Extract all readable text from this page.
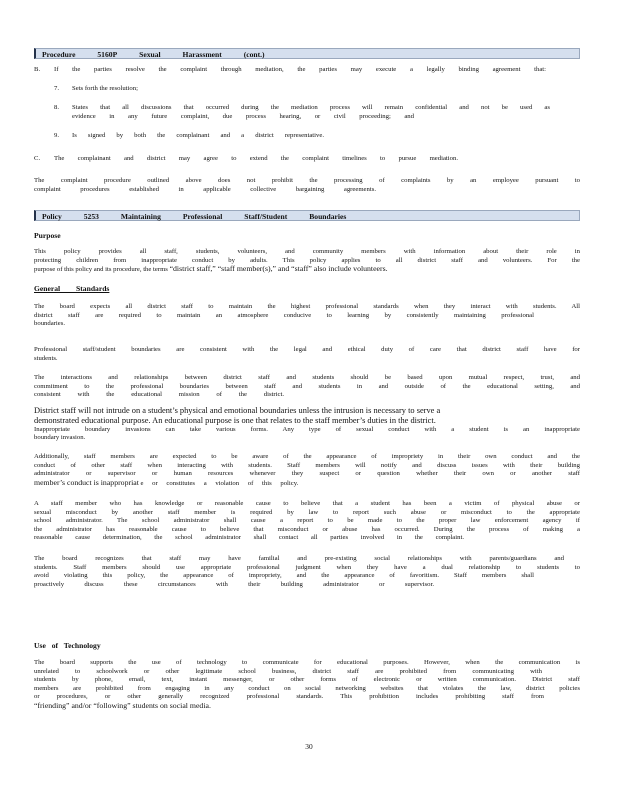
Procedure	5160P	Sexual	Harassment	(cont.)
B. If the parties resolve the complaint through mediation, the parties may execute a legally binding agreement that:
7. Sets forth the resolution;
8. States that all discussions that occurred during the mediation process will remain confidential and not be used as
evidence in any future complaint, due process hearing, or civil proceeding; and
9. Is signed by both the complainant and a district representative.
C. The complainant and district may agree to extend the complaint timelines to pursue mediation.
The complaint procedure outlined above does not prohibit the processing of complaints by an employee pursuant to
complaint procedures established in applicable collective bargaining agreements.
Policy	5253	Maintaining	Professional	Staff/Student	Boundaries
Purpose
This policy provides all staff, students, volunteers, and community members with information about their role in
protecting children from inappropriate conduct by adults. This policy applies to all district staff and volunteers. For the
purpose of this policy and its procedure, the terms “district staff,” “staff member(s),” and “staff” also include volunteers.
General Standards
The board expects all district staff to maintain the highest professional standards when they interact with students. All
district staff are required to maintain an atmosphere conducive to learning by consistently maintaining professional
boundaries.
Professional staff/student boundaries are consistent with the legal and ethical duty of care that district staff have for
students.
The interactions and relationships between district staff and students should be based upon mutual respect, trust, and
commitment to the professional boundaries between staff and students in and outside of the educational setting, and
consistent with the educational mission of the district.
District staff will not intrude on a student’s physical and emotional boundaries unless the intrusion is necessary to serve a
demonstrated educational purpose. An educational purpose is one that relates to the staff member’s duties in the district.
Inappropriate boundary invasions can take various forms. Any type of sexual conduct with a student is an inappropriate
boundary invasion.
Additionally, staff members are expected to be aware of the appearance of impropriety in their own conduct and the
conduct of other staff when interacting with students. Staff members will notify and discuss issues with their building
administrator or supervisor or human resources whenever they suspect or question whether their own or another staff
member’s conduct is inappropriat e or constitutes a violation of this policy.
A staff member who has knowledge or reasonable cause to believe that a student has been a victim of physical abuse or
sexual misconduct by another staff member is required by law to report such abuse or misconduct to the appropriate
school administrator. The school administrator shall cause a report to be made to the proper law enforcement agency if
the administrator has reasonable cause to believe that misconduct or abuse has occurred. During the process of making a
reasonable cause determination, the school administrator shall contact all parties involved in the complaint.
The board recognizes that staff may have familial and pre-existing social relationships with parents/guardians and
students. Staff members should use appropriate professional judgment when they have a dual relationship to students to
avoid violating this policy, the appearance of impropriety, and the appearance of favoritism. Staff members shall
proactively discuss these circumstances with their building administrator or supervisor.
Use of Technology
The board supports the use of technology to communicate for educational purposes. However, when the communication is
unrelated to schoolwork or other legitimate school business, district staff are prohibited from communicating with
students by phone, email, text, instant messenger, or other forms of electronic or written communication. District staff
members are prohibited from engaging in any conduct on social networking websites that violates the law, district policies
or procedures, or other generally recognized professional standards. This prohibition includes prohibiting staff from
“friending” and/or “following” students on social media.
30
